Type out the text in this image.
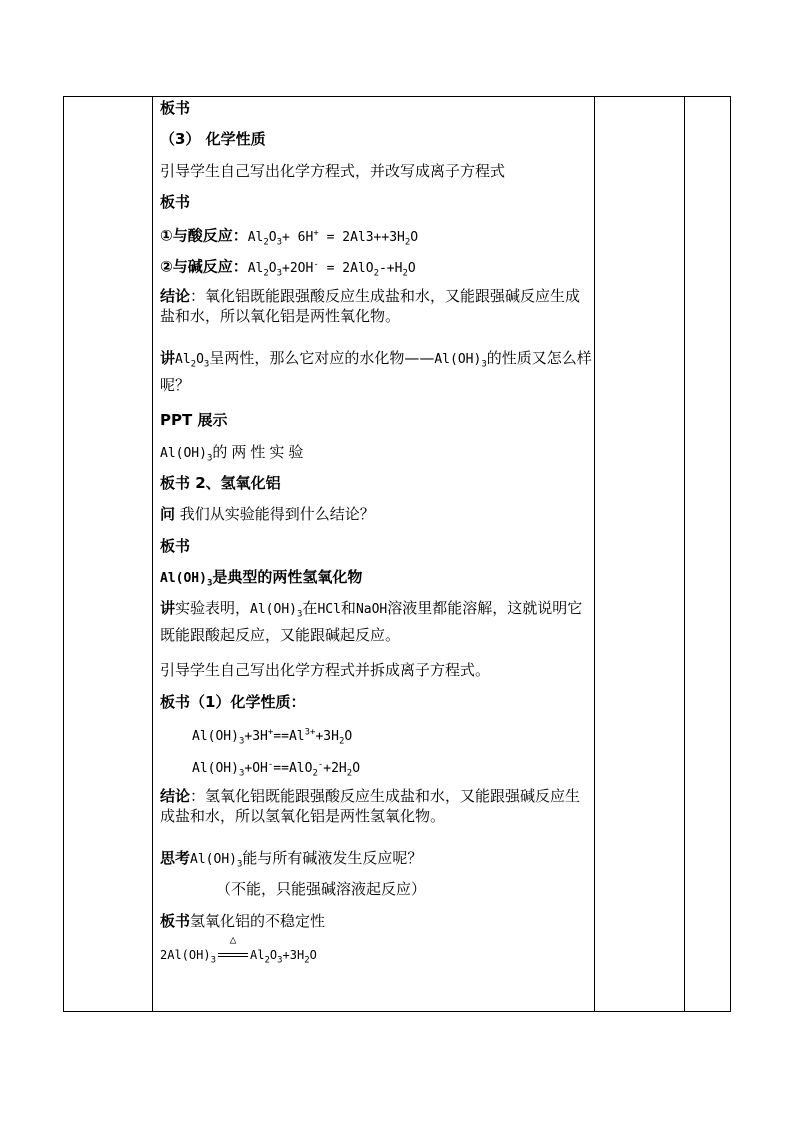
板书
（3） 化学性质
引导学生自己写出化学方程式，并改写成离子方程式
板书
①与酸反应：$Al_2O_3+ 6H^+ = 2Al3++3H_2O$
②与碱反应：$Al_2O_3+2OH^- = 2AlO_2-+H_2O$
结论：氧化铝既能跟强酸反应生成盐和水，又能跟强碱反应生成盐和水，所以氧化铝是两性氧化物。
讲$Al_2O_3$呈两性，那么它对应的水化物$——Al(OH)_3$的性质又怎么样呢？
PPT 展示
$Al(OH)_3$的两性实验
板书 2、氢氧化铝
问 我们从实验能得到什么结论？
板书
$Al(OH)_3$是典型的两性氢氧化物
讲实验表明，$Al(OH)_3$在HCl和NaOH溶液里都能溶解，这就说明它既能跟酸起反应，又能跟碱起反应。
引导学生自己写出化学方程式并拆成离子方程式。
板书（1）化学性质：
$Al(OH)_3+3H^+==Al^{3+}+3H_2O$
$Al(OH)_3+OH^-==AlO_2^-+2H_2O$
结论：氢氧化铝既能跟强酸反应生成盐和水，又能跟强碱反应生成盐和水，所以氢氧化铝是两性氢氧化物。
思考$Al(OH)_3$能与所有碱液发生反应呢？
（不能，只能强碱溶液起反应）
板书氢氧化铝的不稳定性
$2Al(OH)_3$
△
$Al_2O_3+3H_2O$
